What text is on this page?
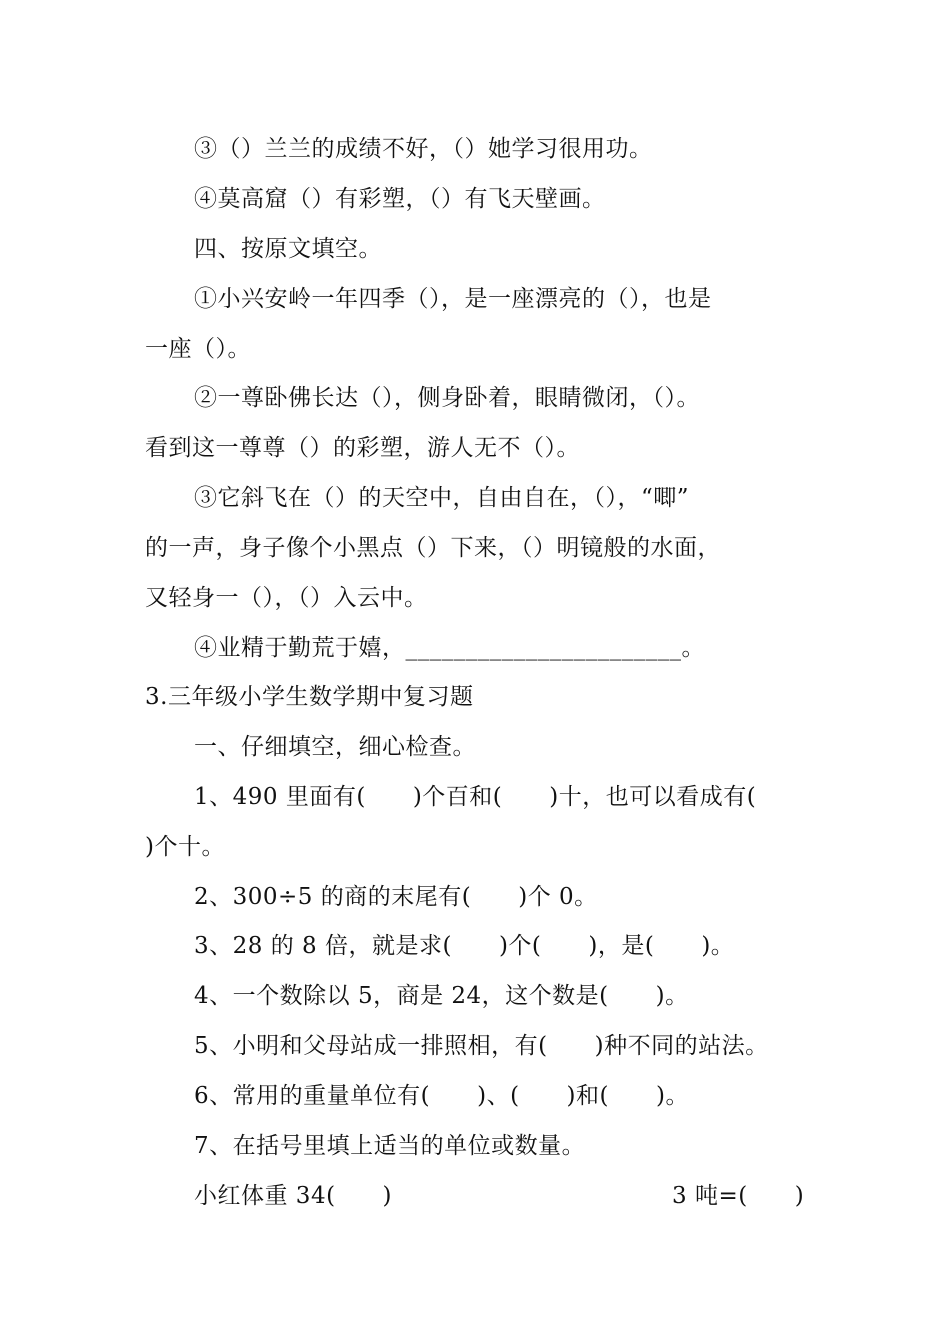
③（）兰兰的成绩不好，（）她学习很用功。
④莫高窟（）有彩塑，（）有飞天壁画。
四、按原文填空。
①小兴安岭一年四季（），是一座漂亮的（），也是
一座（）。
②一尊卧佛长达（），侧身卧着，眼睛微闭，（）。
看到这一尊尊（）的彩塑，游人无不（）。
③它斜飞在（）的天空中，自由自在，（），“唧”
的一声，身子像个小黑点（）下来，（）明镜般的水面，
又轻身一（），（）入云中。
④业精于勤荒于嬉，_______________________。
3.三年级小学生数学期中复习题
一、仔细填空，细心检查。
1、490 里面有(　　)个百和(　　)十，也可以看成有(
)个十。
2、300÷5 的商的末尾有(　　)个 0。
3、28 的 8 倍，就是求(　　)个(　　)，是(　　)。
4、一个数除以 5，商是 24，这个数是(　　)。
5、小明和父母站成一排照相，有(　　)种不同的站法。
6、常用的重量单位有(　　)、(　　)和(　　)。
7、在括号里填上适当的单位或数量。
小红体重 34(　　)	3 吨=(　　)
